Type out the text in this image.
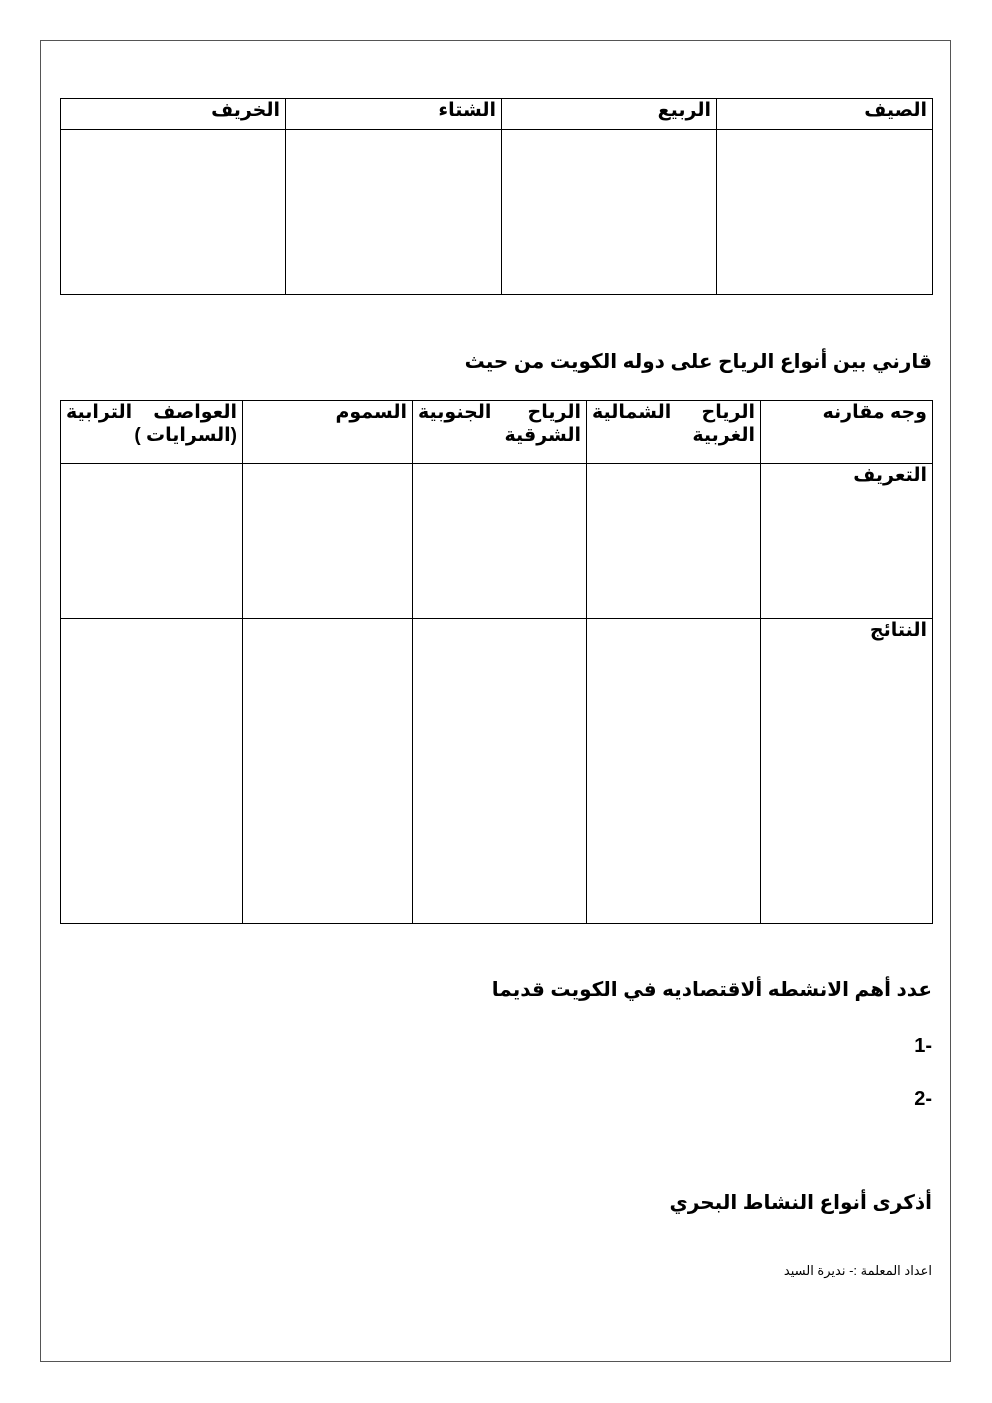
الصيف	الربيع	الشتاء	الخريف

قارني بين أنواع الرياح على دوله الكويت من حيث
وجه مقارنه	الرياح الشمالية الغربية	الرياح الجنوبية الشرقية	السموم	العواصف الترابية (السرايات )
التعريف				
النتائج				
عدد أهم الانشطه ألاقتصاديه في الكويت قديما
-1
-2
أذكرى أنواع النشاط البحري
اعداد المعلمة :- نديرة السيد
